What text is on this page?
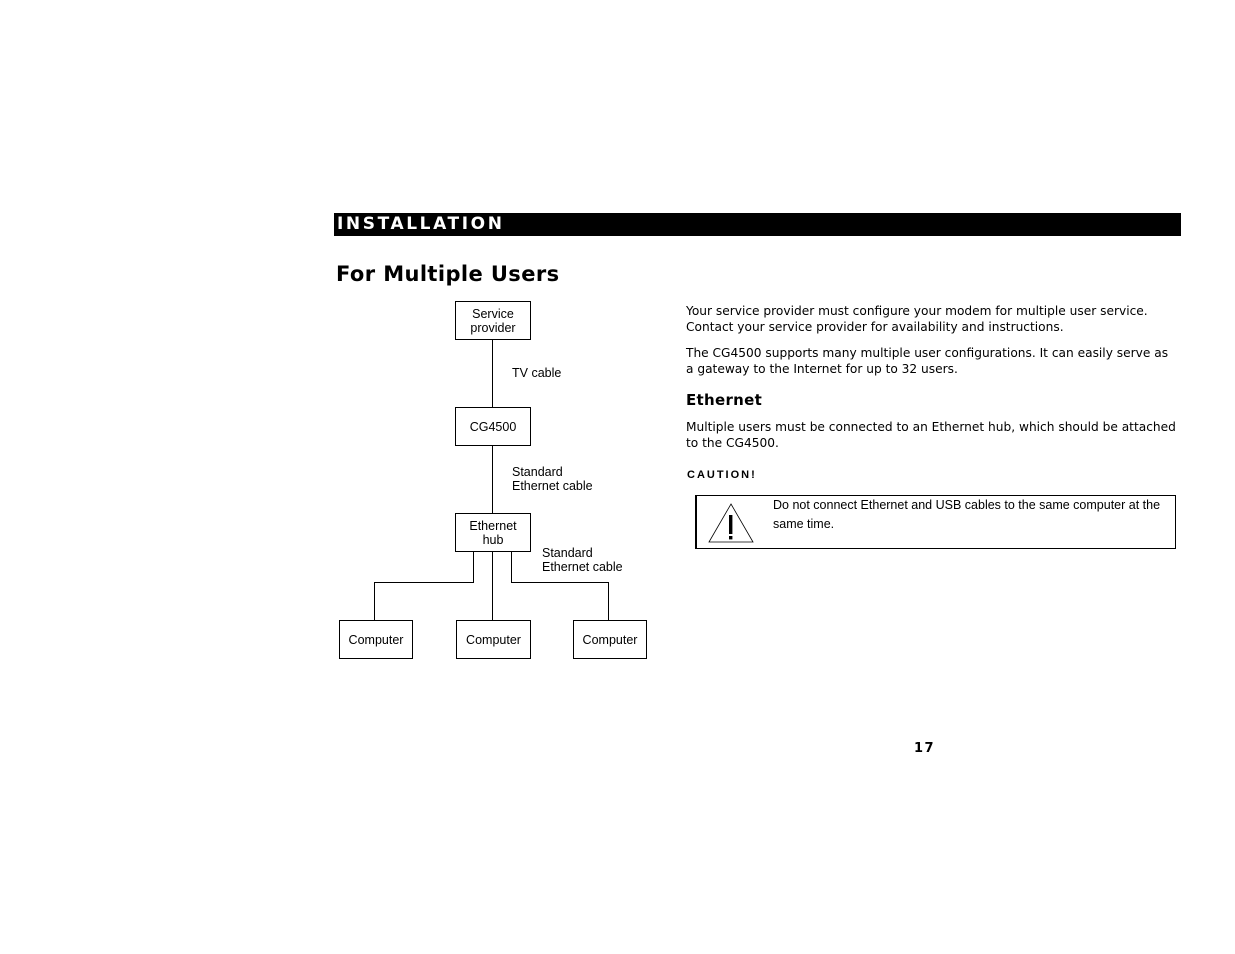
INSTALLATION
For Multiple Users
Service
provider
CG4500
Ethernet
hub
Computer	Computer	Computer
TV cable
Standard
Ethernet cable
Standard
Ethernet cable

Your service provider must configure your modem for multiple user service. Contact your service provider for availability and instructions.

The CG4500 supports many multiple user configurations. It can easily serve as a gateway to the Internet for up to 32 users.

Ethernet

Multiple users must be connected to an Ethernet hub, which should be attached to the CG4500.

CAUTION!
Do not connect Ethernet and USB cables to the same computer at the same time.
17
